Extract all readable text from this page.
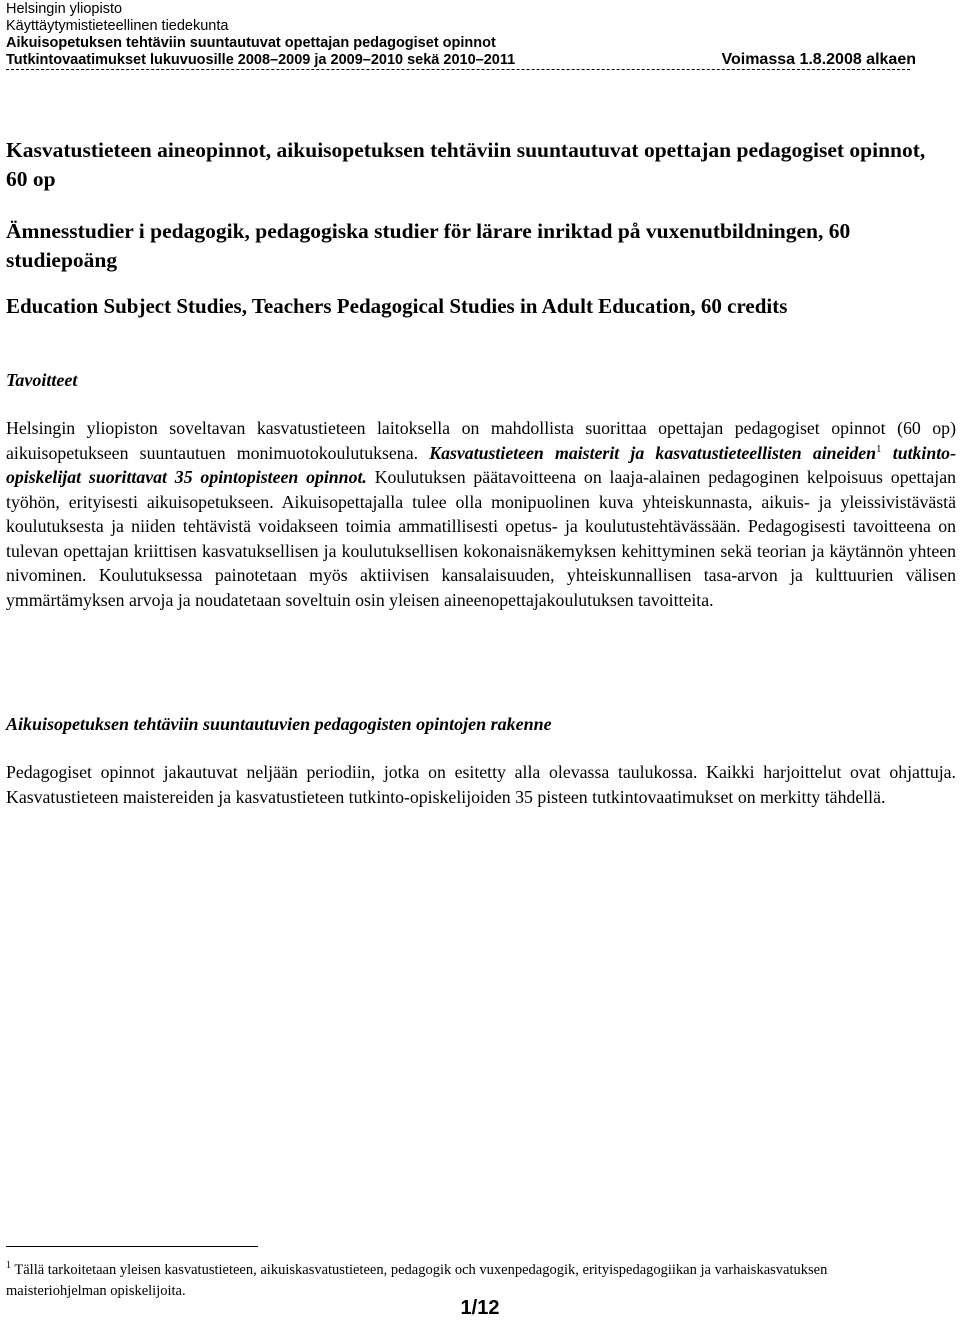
Helsingin yliopisto
Käyttäytymistieteellinen tiedekunta
Aikuisopetuksen tehtäviin suuntautuvat opettajan pedagogiset opinnot
Tutkintovaatimukset lukuvuosille 2008–2009 ja 2009–2010 sekä 2010–2011	Voimassa 1.8.2008 alkaen
Kasvatustieteen aineopinnot, aikuisopetuksen tehtäviin suuntautuvat opettajan pedagogiset opinnot, 60 op
Ämnesstudier i pedagogik, pedagogiska studier för lärare inriktad på vuxenutbildningen, 60 studiepoäng
Education Subject Studies, Teachers Pedagogical Studies in Adult Education, 60 credits
Tavoitteet
Helsingin yliopiston soveltavan kasvatustieteen laitoksella on mahdollista suorittaa opettajan pedagogiset opinnot (60 op) aikuisopetukseen suuntautuen monimuotokoulutuksena. Kasvatustieteen maisterit ja kasvatustieteellisten aineiden$^1$ tutkinto-opiskelijat suorittavat 35 opintopisteen opinnot. Koulutuksen päätavoitteena on laaja-alainen pedagoginen kelpoisuus opettajan työhön, erityisesti aikuisopetukseen. Aikuisopettajalla tulee olla monipuolinen kuva yhteiskunnasta, aikuis- ja yleissivistävästä koulutuksesta ja niiden tehtävistä voidakseen toimia ammatillisesti opetus- ja koulutustehtävässään. Pedagogisesti tavoitteena on tulevan opettajan kriittisen kasvatuksellisen ja koulutuksellisen kokonaisnäkemyksen kehittyminen sekä teorian ja käytännön yhteen nivominen. Koulutuksessa painotetaan myös aktiivisen kansalaisuuden, yhteiskunnallisen tasa-arvon ja kulttuurien välisen ymmärtämyksen arvoja ja noudatetaan soveltuin osin yleisen aineenopettajakoulutuksen tavoitteita.
Aikuisopetuksen tehtäviin suuntautuvien pedagogisten opintojen rakenne
Pedagogiset opinnot jakautuvat neljään periodiin, jotka on esitetty alla olevassa taulukossa. Kaikki harjoittelut ovat ohjattuja. Kasvatustieteen maistereiden ja kasvatustieteen tutkinto-opiskelijoiden 35 pisteen tutkintovaatimukset on merkitty tähdellä.
$^1$ Tällä tarkoitetaan yleisen kasvatustieteen, aikuiskasvatustieteen, pedagogik och vuxenpedagogik, erityispedagogiikan ja varhaiskasvatuksen maisteriohjelman opiskelijoita.
1/12
